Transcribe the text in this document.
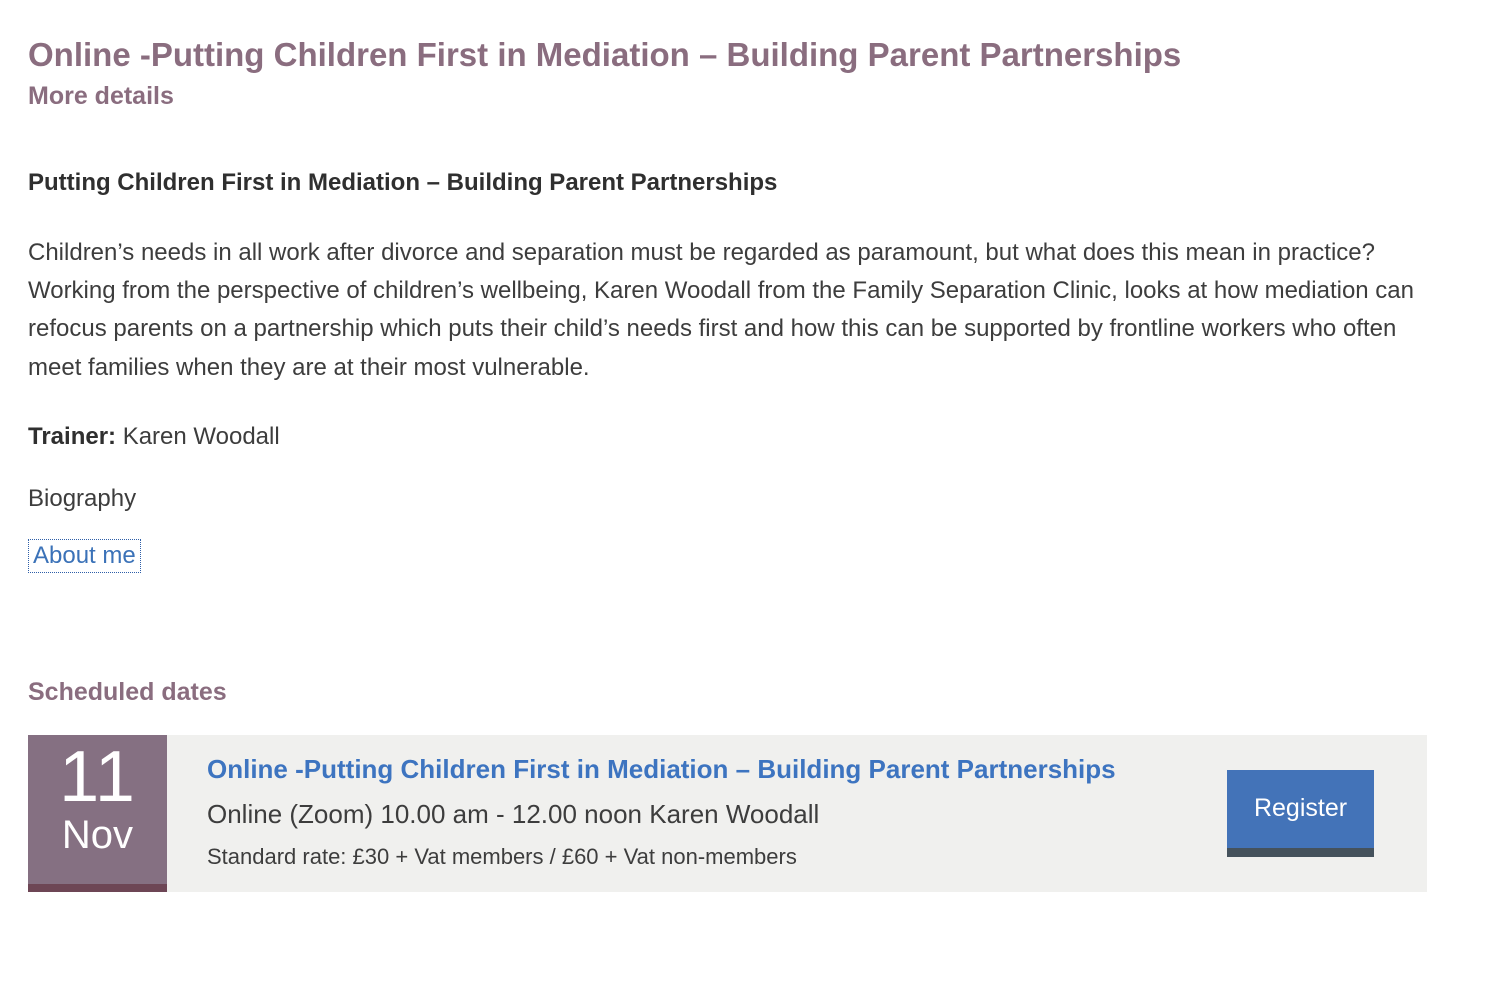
Online -Putting Children First in Mediation – Building Parent Partnerships
More details
Putting Children First in Mediation – Building Parent Partnerships

Children’s needs in all work after divorce and separation must be regarded as paramount, but what does this mean in practice? Working from the perspective of children’s wellbeing, Karen Woodall from the Family Separation Clinic, looks at how mediation can refocus parents on a partnership which puts their child’s needs first and how this can be supported by frontline workers who often meet families when they are at their most vulnerable.

Trainer: Karen Woodall

Biography

About me
Scheduled dates
11
Nov

Online -Putting Children First in Mediation – Building Parent Partnerships Online (Zoom) 10.00 am - 12.00 noon Karen Woodall

Standard rate: £30 + Vat members / £60 + Vat non-members

Register
